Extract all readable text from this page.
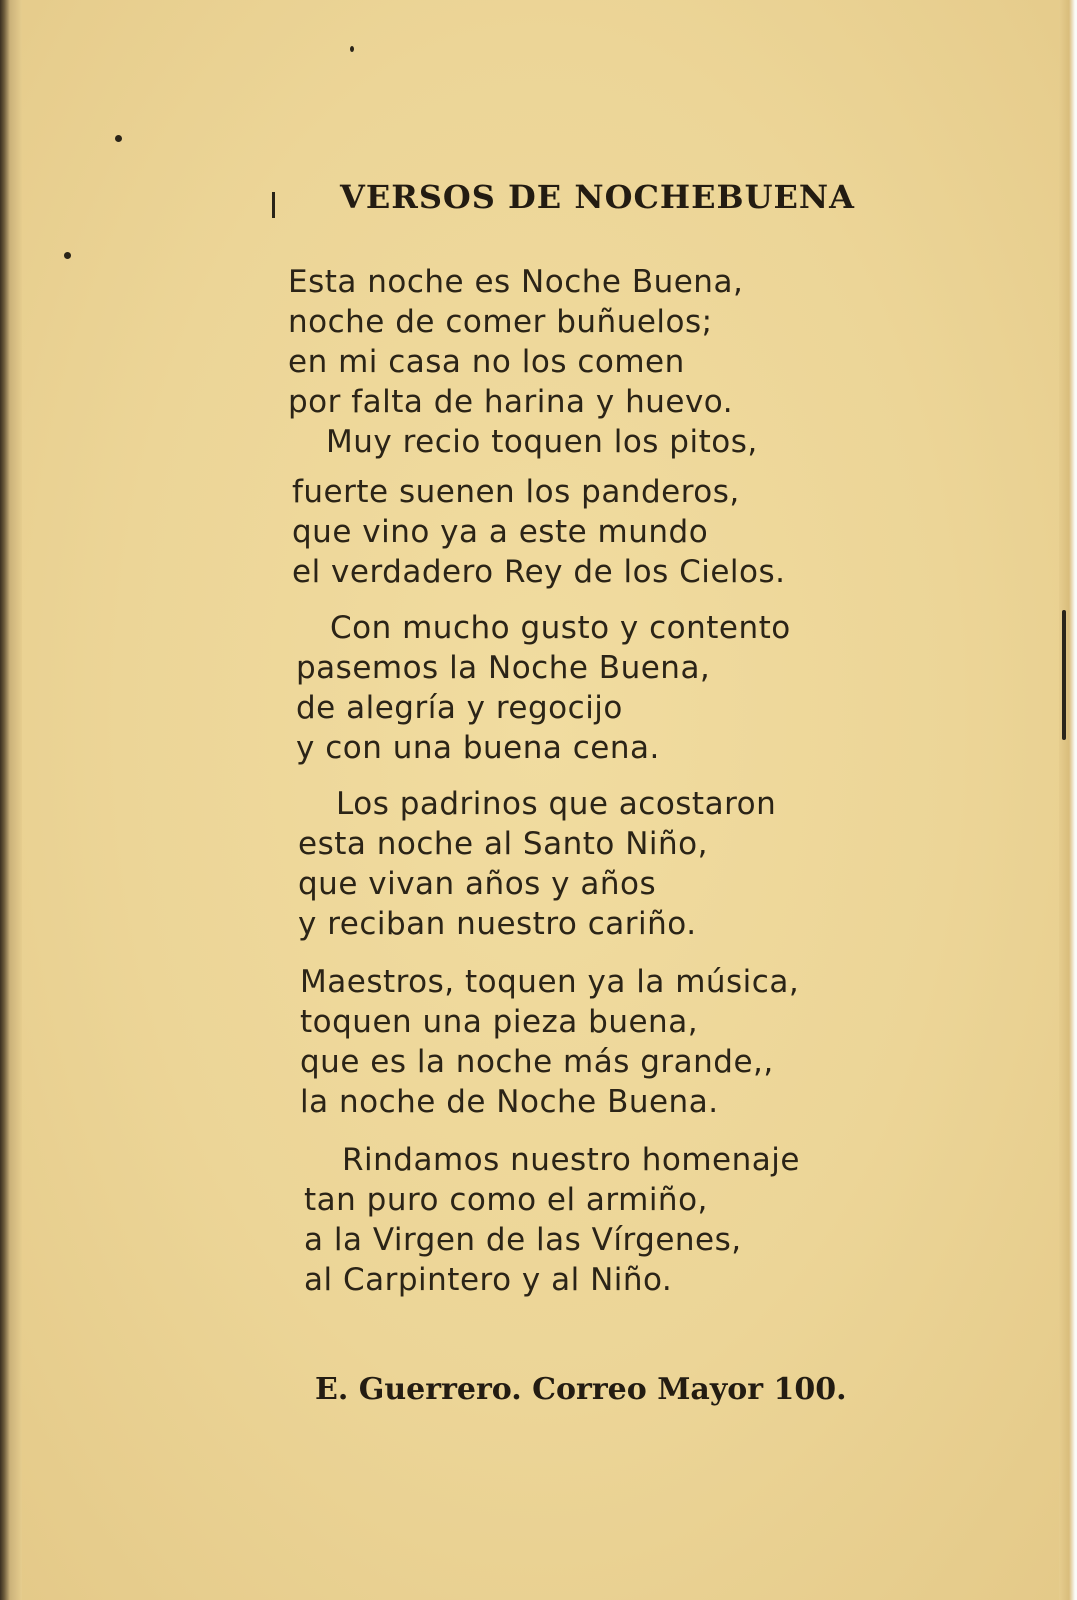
VERSOS DE NOCHEBUENA
Esta noche es Noche Buena,
noche de comer buñuelos;
en mi casa no los comen
por falta de harina y huevo.
Muy recio toquen los pitos,
fuerte suenen los panderos,
que vino ya a este mundo
el verdadero Rey de los Cielos.
Con mucho gusto y contento
pasemos la Noche Buena,
de alegría y regocijo
y con una buena cena.
Los padrinos que acostaron
esta noche al Santo Niño,
que vivan años y años
y reciban nuestro cariño.
Maestros, toquen ya la música,
toquen una pieza buena,
que es la noche más grande,,
la noche de Noche Buena.
Rindamos nuestro homenaje
tan puro como el armiño,
a la Virgen de las Vírgenes,
al Carpintero y al Niño.

E. Guerrero. Correo Mayor 100.
